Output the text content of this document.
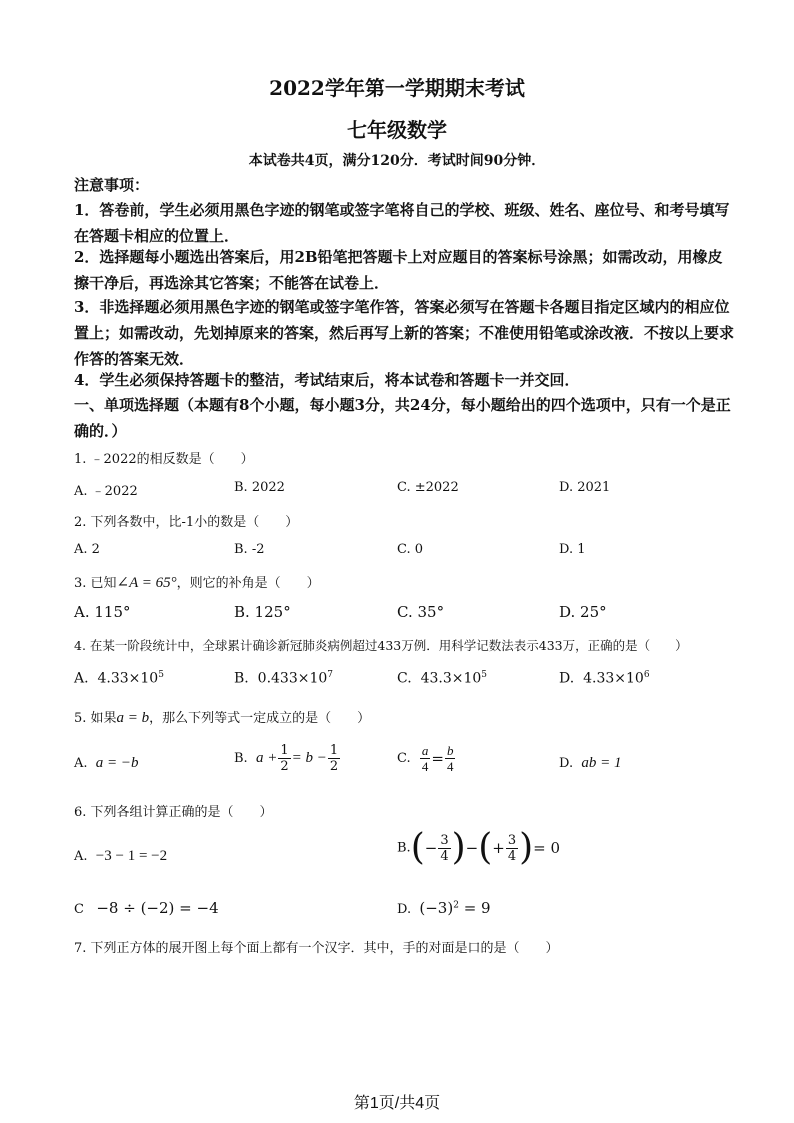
2022学年第一学期期末考试
七年级数学
本试卷共4页，满分120分．考试时间90分钟．
注意事项：
1．答卷前，学生必须用黑色字迹的钢笔或签字笔将自己的学校、班级、姓名、座位号、和考号填写在答题卡相应的位置上．
2．选择题每小题选出答案后，用2B铅笔把答题卡上对应题目的答案标号涂黑；如需改动，用橡皮擦干净后，再选涂其它答案；不能答在试卷上．
3．非选择题必须用黑色字迹的钢笔或签字笔作答，答案必须写在答题卡各题目指定区域内的相应位置上；如需改动，先划掉原来的答案，然后再写上新的答案；不准使用铅笔或涂改液．不按以上要求作答的答案无效．
4．学生必须保持答题卡的整洁，考试结束后，将本试卷和答题卡一并交回．
一、单项选择题（本题有8个小题，每小题3分，共24分，每小题给出的四个选项中，只有一个是正确的．）
1. ﹣2022的相反数是（　　）
A. ﹣2022	B. 2022	C. ±2022	D. 2021
2. 下列各数中，比-1小的数是（　　）
A. 2	B. -2	C. 0	D. 1
3. 已知∠A = 65°，则它的补角是（　　）
A. 115°	B. 125°	C. 35°	D. 25°
4. 在某一阶段统计中，全球累计确诊新冠肺炎病例超过433万例．用科学记数法表示433万，正确的是（　　）
A. $4.33\times 10^5$	B. $0.433\times 10^7$	C. $43.3\times 10^5$	D. $4.33\times 10^6$
5. 如果a = b，那么下列等式一定成立的是（　　）
A. a = −b	B. $a + \frac{1}{2} = b - \frac{1}{2}$	C. $\frac{a}{4} = \frac{b}{4}$	D. ab = 1
6. 下列各组计算正确的是（　　）
A. −3 − 1 = −2	$B.(- \frac{3}{4}$ )−(+ $\frac{3}{4}$ )= 0
C −8 ÷ (−2) = −4	D. $(-3)^2 = 9$
7. 下列正方体的展开图上每个面上都有一个汉字．其中，手的对面是口的是（　　）
第1页/共4页
